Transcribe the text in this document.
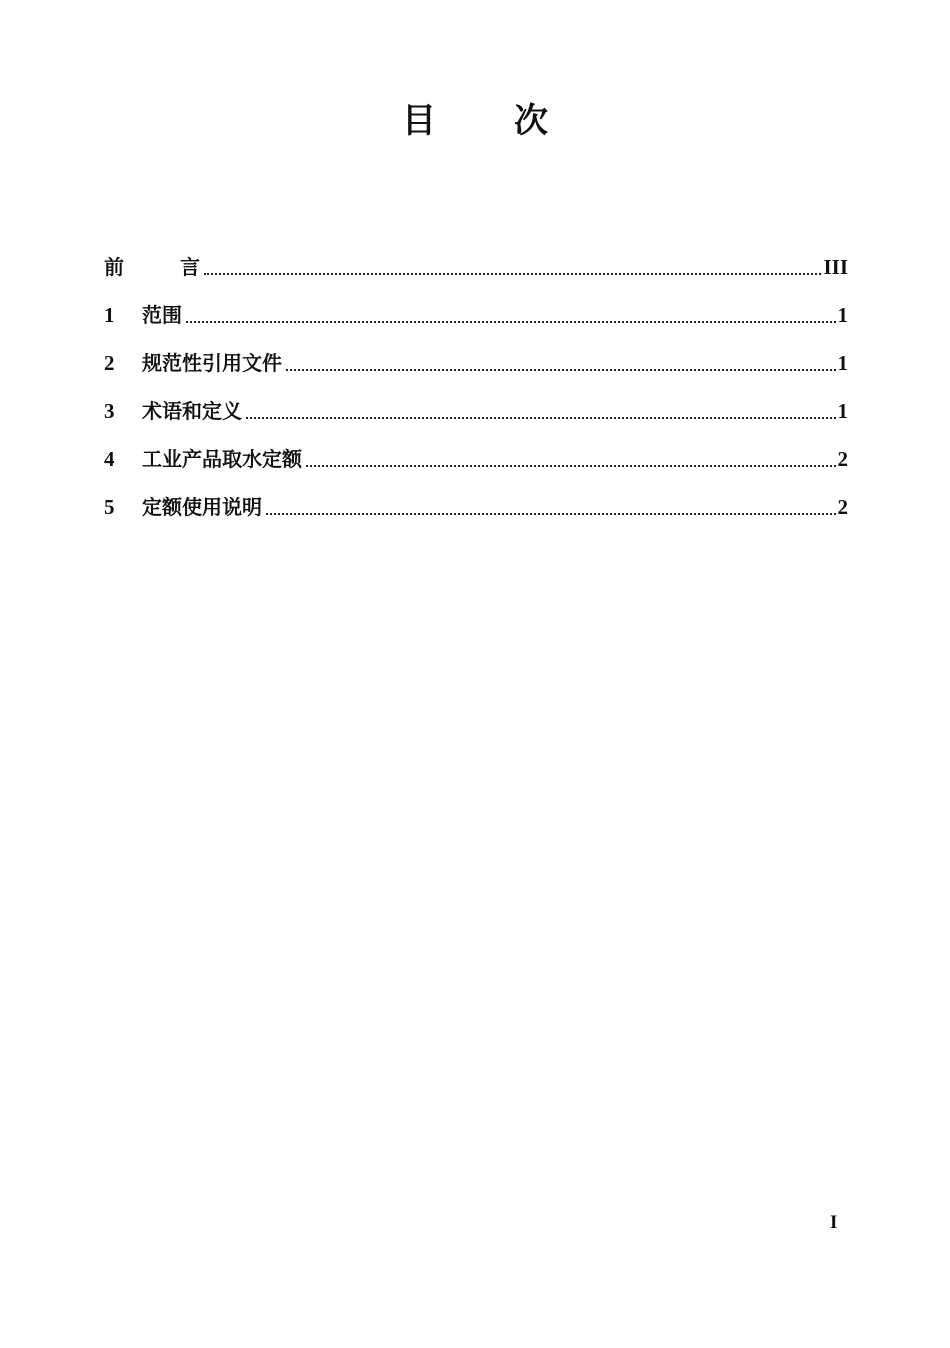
目 次
前	言	III
1	范围	1
2	规范性引用文件	1
3	术语和定义	1
4	工业产品取水定额	2
5	定额使用说明	2
I
